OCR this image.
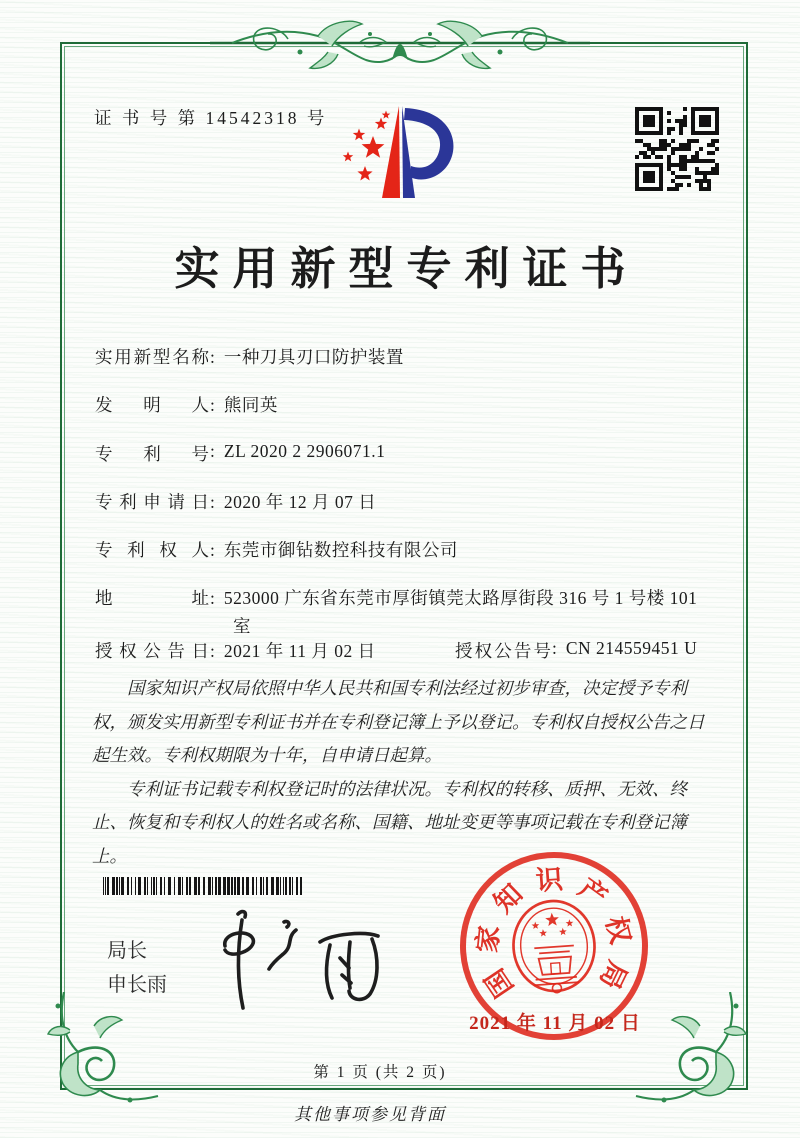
证 书 号 第 14542318 号
实用新型专利证书
实用新型名称: 一种刀具刃口防护装置
发明人: 熊同英
专利号: ZL 2020 2 2906071.1
专利申请日: 2020 年 12 月 07 日
专利权人: 东莞市御钻数控科技有限公司
地址: 523000 广东省东莞市厚街镇莞太路厚街段 316 号 1 号楼 101
室
授权公告日: 2021 年 11 月 02 日	授权公告号: CN 214559451 U

国家知识产权局依照中华人民共和国专利法经过初步审查，决定授予专利权，颁发实用新型专利证书并在专利登记簿上予以登记。专利权自授权公告之日起生效。专利权期限为十年，自申请日起算。

专利证书记载专利权登记时的法律状况。专利权的转移、质押、无效、终止、恢复和专利权人的姓名或名称、国籍、地址变更等事项记载在专利登记簿上。

局长
申长雨	国
家
知 识 产
权
局
2021 年 11 月 02 日
第 1 页 (共 2 页)
其他事项参见背面
